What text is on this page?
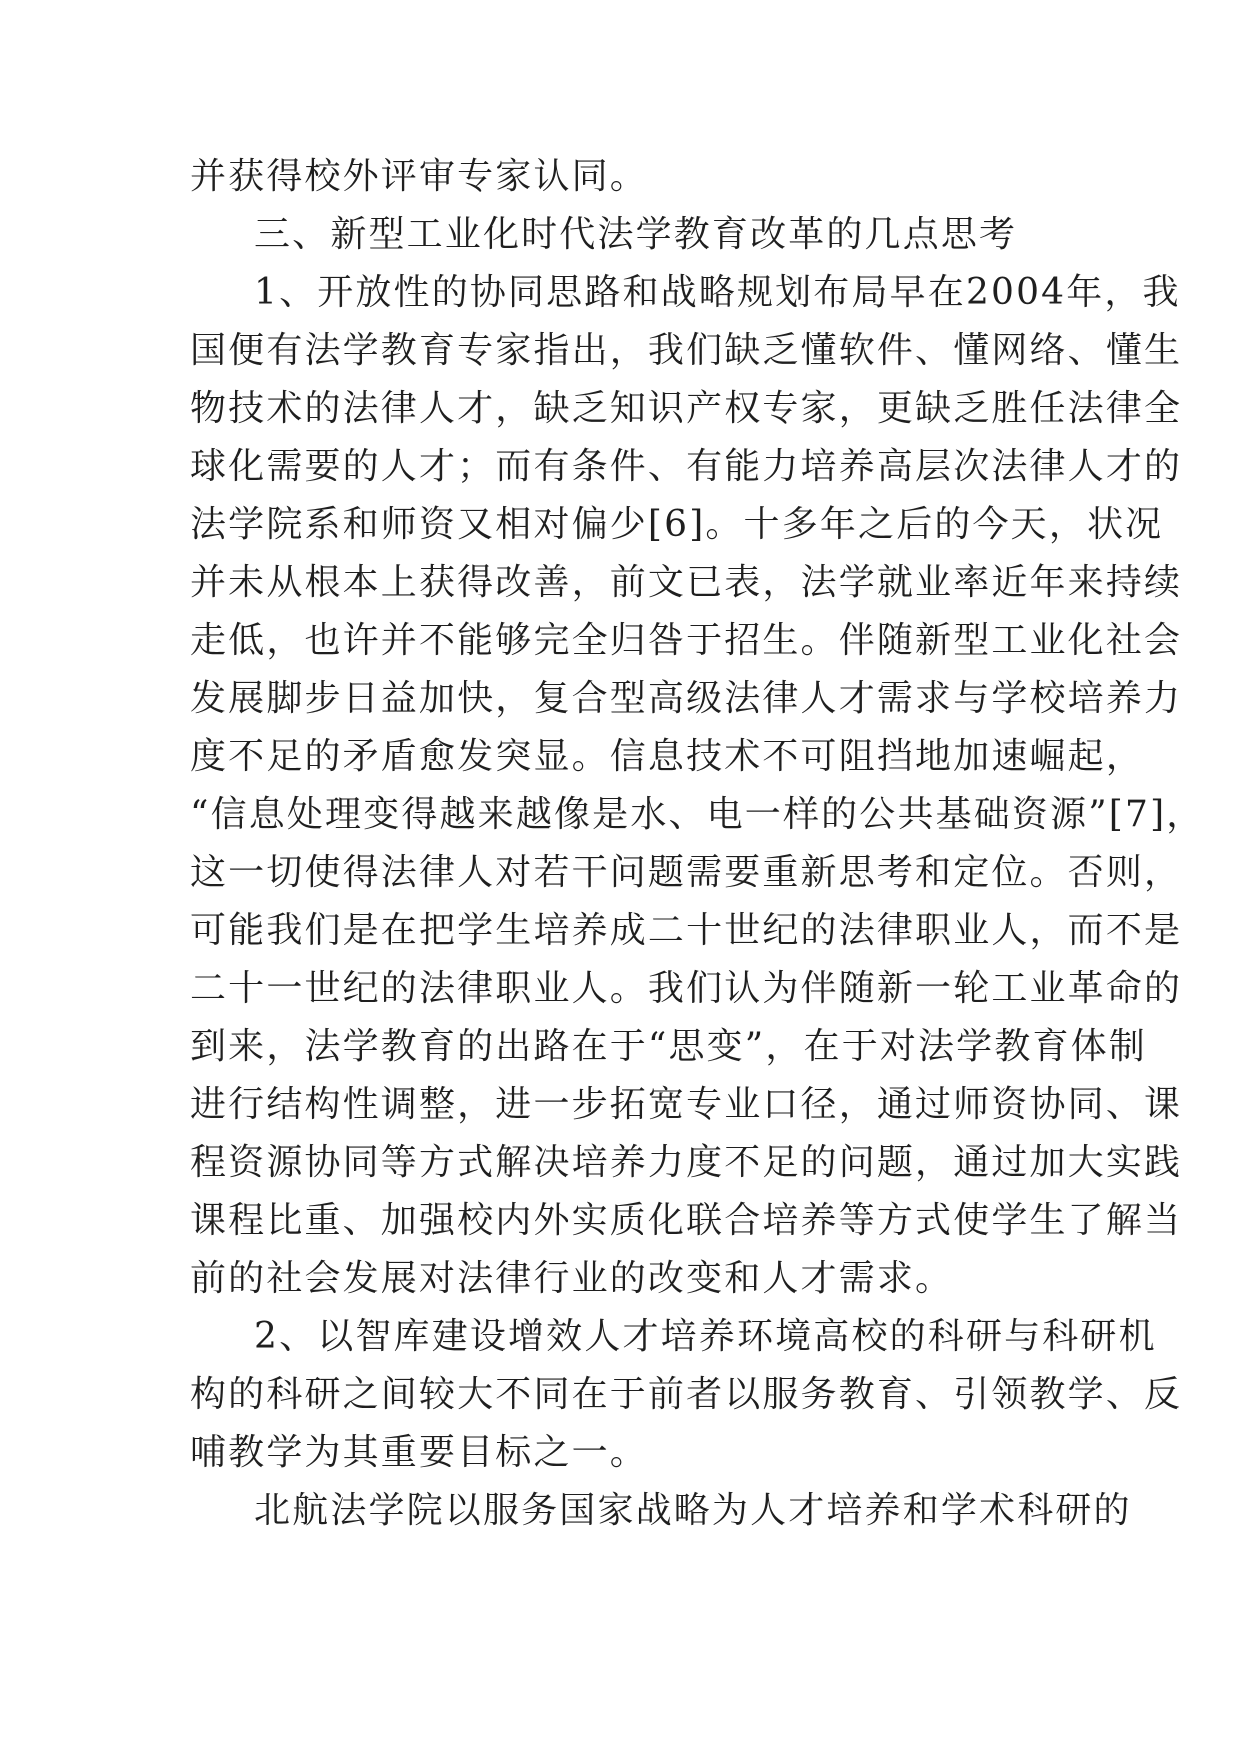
并获得校外评审专家认同。
三、新型工业化时代法学教育改革的几点思考
1、开放性的协同思路和战略规划布局早在2004年，我
国便有法学教育专家指出，我们缺乏懂软件、懂网络、懂生
物技术的法律人才，缺乏知识产权专家，更缺乏胜任法律全
球化需要的人才；而有条件、有能力培养高层次法律人才的
法学院系和师资又相对偏少[6]。十多年之后的今天，状况
并未从根本上获得改善，前文已表，法学就业率近年来持续
走低，也许并不能够完全归咎于招生。伴随新型工业化社会
发展脚步日益加快，复合型高级法律人才需求与学校培养力
度不足的矛盾愈发突显。信息技术不可阻挡地加速崛起，
“信息处理变得越来越像是水、电一样的公共基础资源”[7]，
这一切使得法律人对若干问题需要重新思考和定位。否则，
可能我们是在把学生培养成二十世纪的法律职业人，而不是
二十一世纪的法律职业人。我们认为伴随新一轮工业革命的
到来，法学教育的出路在于“思变”，在于对法学教育体制
进行结构性调整，进一步拓宽专业口径，通过师资协同、课
程资源协同等方式解决培养力度不足的问题，通过加大实践
课程比重、加强校内外实质化联合培养等方式使学生了解当
前的社会发展对法律行业的改变和人才需求。
2、以智库建设增效人才培养环境高校的科研与科研机
构的科研之间较大不同在于前者以服务教育、引领教学、反
哺教学为其重要目标之一。
北航法学院以服务国家战略为人才培养和学术科研的
